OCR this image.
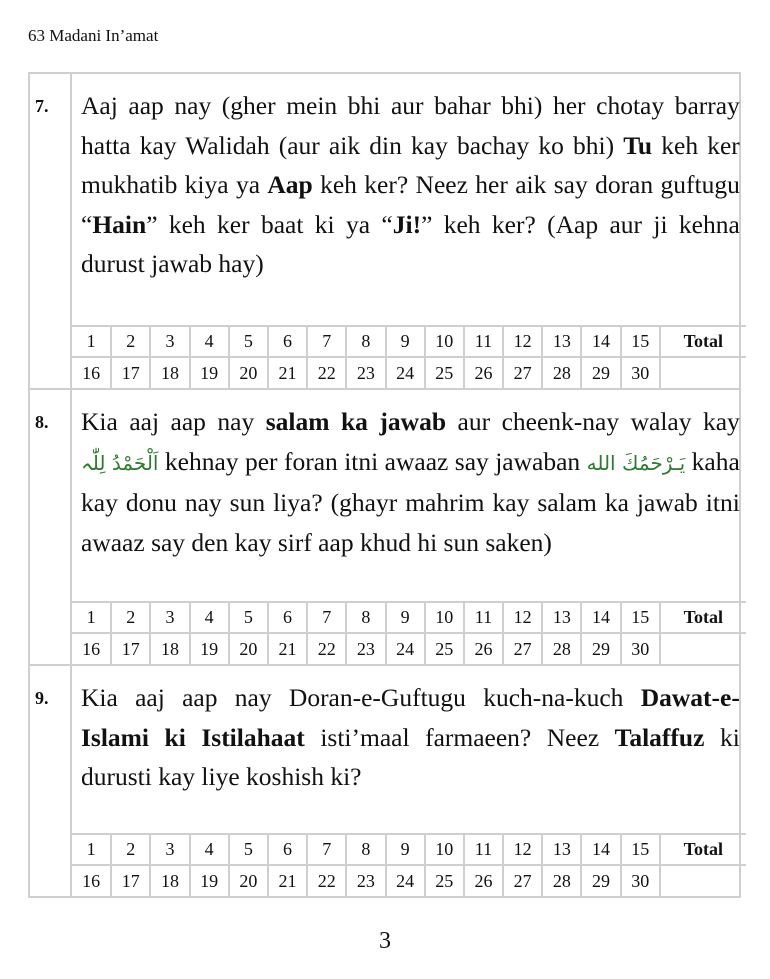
63 Madani In’amat
7.	Aaj aap nay (gher mein bhi aur bahar bhi) her chotay barray hatta kay Walidah (aur aik din kay bachay ko bhi) Tu keh ker mukhatib kiya ya Aap keh ker? Neez her aik say doran guftugu “Hain” keh ker baat ki ya “Ji!” keh ker? (Aap aur ji kehna durust jawab hay)
1	2	3	4	5	6	7	8	9	10	11	12	13	14	15	Total
16	17	18	19	20	21	22	23	24	25	26	27	28	29	30	
8.	Kia aaj aap nay salam ka jawab aur cheenk-nay walay kay اَلْحَمْدُ لِلّٰہ kehnay per foran itni awaaz say jawaban یَـرْحَمُكَ الله kaha kay donu nay sun liya? (ghayr mahrim kay salam ka jawab itni awaaz say den kay sirf aap khud hi sun saken)
1	2	3	4	5	6	7	8	9	10	11	12	13	14	15	Total
16	17	18	19	20	21	22	23	24	25	26	27	28	29	30	
9.	Kia aaj aap nay Doran-e-Guftugu kuch-na-kuch Dawat-e-Islami ki Istilahaat isti’maal farmaeen? Neez Talaffuz ki durusti kay liye koshish ki?
1	2	3	4	5	6	7	8	9	10	11	12	13	14	15	Total
16	17	18	19	20	21	22	23	24	25	26	27	28	29	30	
3
